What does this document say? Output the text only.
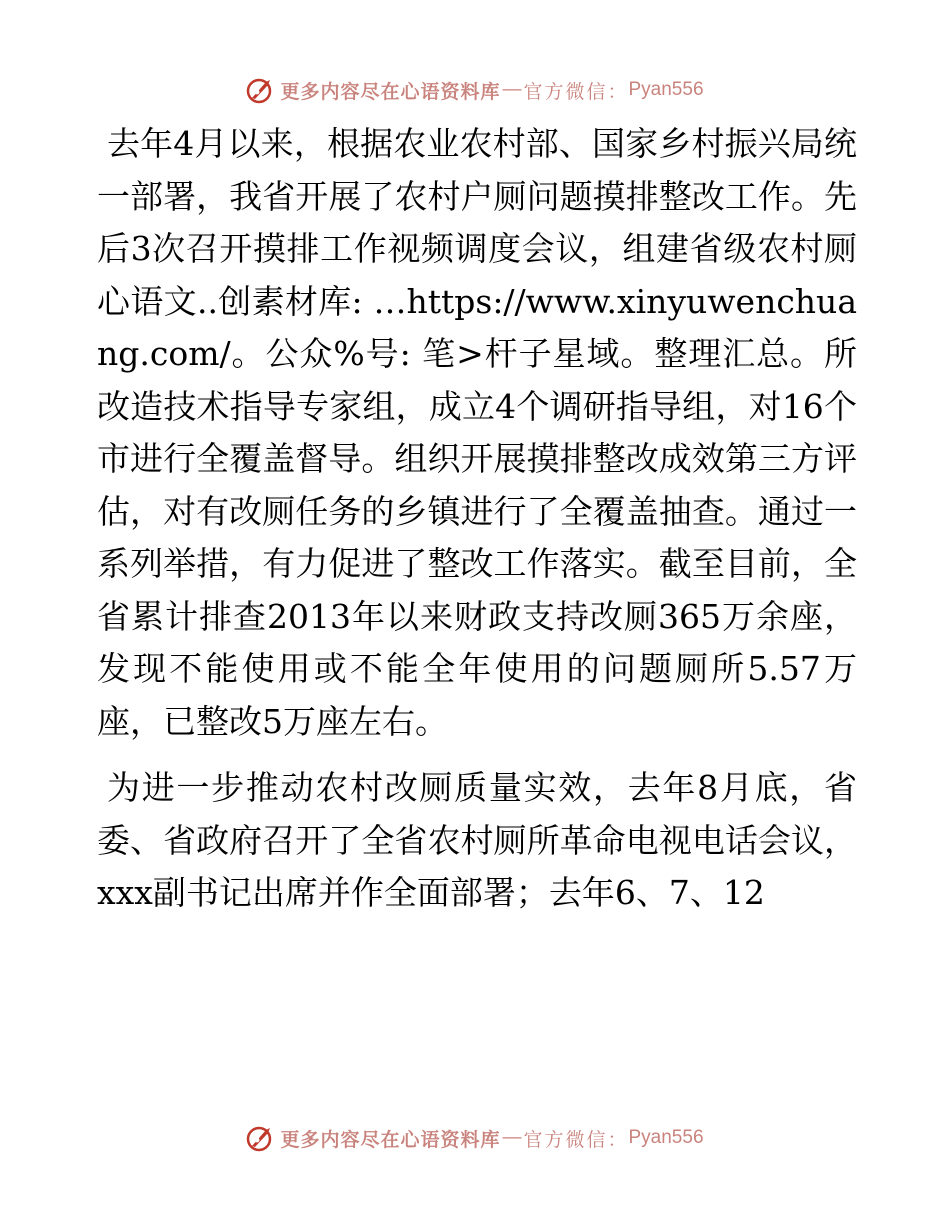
更多内容尽在心语资料库 — 官方微信： Pyan556

去年4月以来，根据农业农村部、国家乡村振兴局统一部署，我省开展了农村户厕问题摸排整改工作。先后3次召开摸排工作视频调度会议，组建省级农村厕心语文..创素材库: …https://www.xinyuwenchuang.com/。公众%号: 笔>杆子星域。整理汇总。所改造技术指导专家组，成立4个调研指导组，对16个市进行全覆盖督导。组织开展摸排整改成效第三方评估，对有改厕任务的乡镇进行了全覆盖抽查。通过一系列举措，有力促进了整改工作落实。截至目前，全省累计排查2013年以来财政支持改厕365万余座，发现不能使用或不能全年使用的问题厕所5.57万座，已整改5万座左右。

为进一步推动农村改厕质量实效，去年8月底，省委、省政府召开了全省农村厕所革命电视电话会议，xxx副书记出席并作全面部署；去年6、7、12

更多内容尽在心语资料库 — 官方微信： Pyan556
